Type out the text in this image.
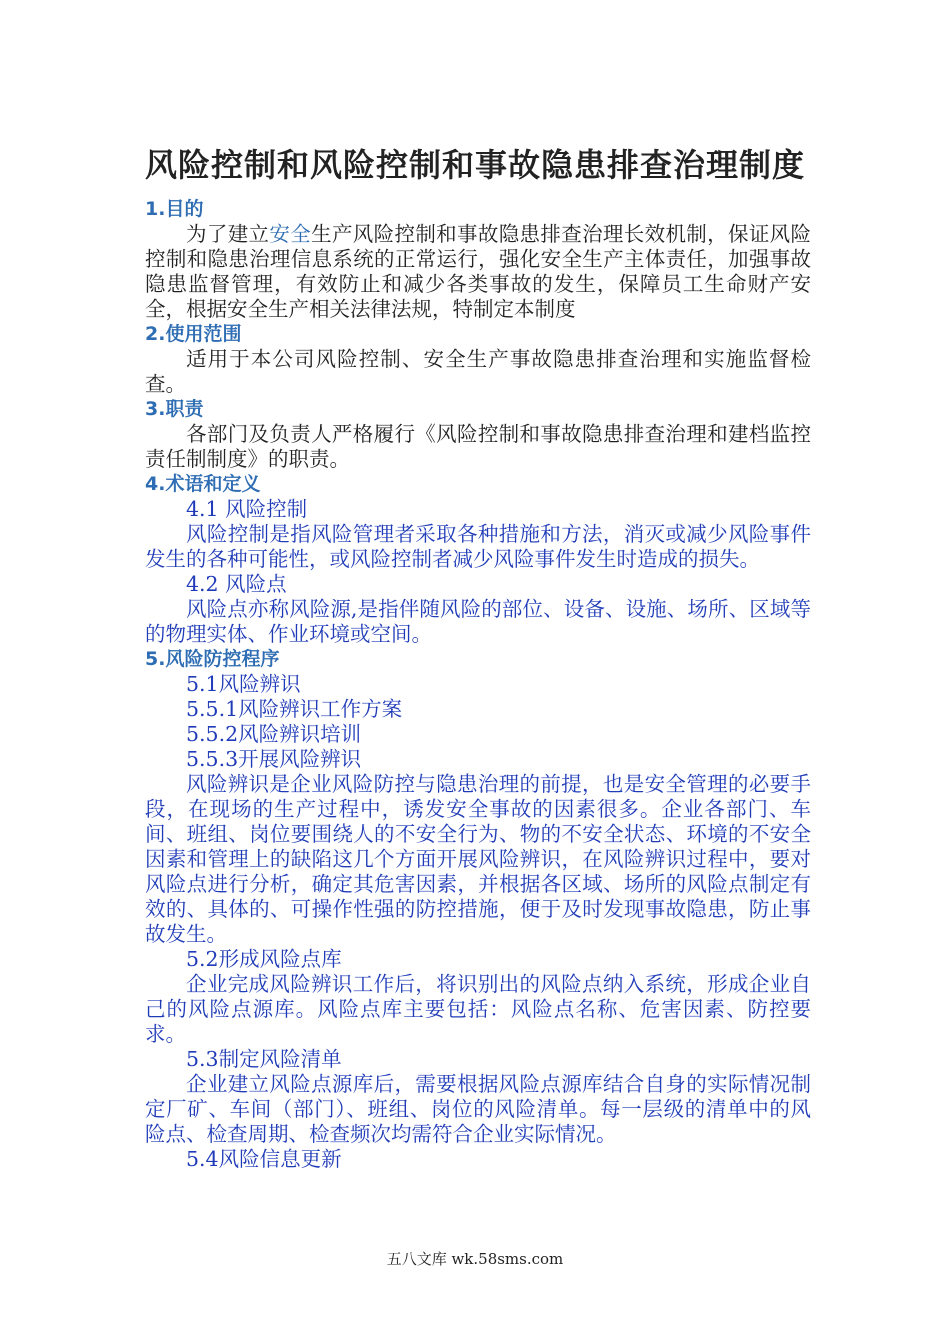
风险控制和风险控制和事故隐患排查治理制度
1.目的

为了建立安全生产风险控制和事故隐患排查治理长效机制，保证风险控制和隐患治理信息系统的正常运行，强化安全生产主体责任，加强事故隐患监督管理，有效防止和减少各类事故的发生，保障员工生命财产安全，根据安全生产相关法律法规，特制定本制度

2.使用范围

适用于本公司风险控制、安全生产事故隐患排查治理和实施监督检查。

3.职责

各部门及负责人严格履行《风险控制和事故隐患排查治理和建档监控责任制制度》的职责。

4.术语和定义
4.1 风险控制

风险控制是指风险管理者采取各种措施和方法，消灭或减少风险事件发生的各种可能性，或风险控制者减少风险事件发生时造成的损失。

4.2 风险点

风险点亦称风险源,是指伴随风险的部位、设备、设施、场所、区域等的物理实体、作业环境或空间。

5.风险防控程序
5.1风险辨识
5.5.1风险辨识工作方案
5.5.2风险辨识培训
5.5.3开展风险辨识

风险辨识是企业风险防控与隐患治理的前提，也是安全管理的必要手段，在现场的生产过程中，诱发安全事故的因素很多。企业各部门、车间、班组、岗位要围绕人的不安全行为、物的不安全状态、环境的不安全因素和管理上的缺陷这几个方面开展风险辨识，在风险辨识过程中，要对风险点进行分析，确定其危害因素，并根据各区域、场所的风险点制定有效的、具体的、可操作性强的防控措施，便于及时发现事故隐患，防止事故发生。

5.2形成风险点库

企业完成风险辨识工作后，将识别出的风险点纳入系统，形成企业自己的风险点源库。风险点库主要包括：风险点名称、危害因素、防控要求。

5.3制定风险清单

企业建立风险点源库后，需要根据风险点源库结合自身的实际情况制定厂矿、车间（部门）、班组、岗位的风险清单。每一层级的清单中的风险点、检查周期、检查频次均需符合企业实际情况。

5.4风险信息更新
五八文库 wk.58sms.com
